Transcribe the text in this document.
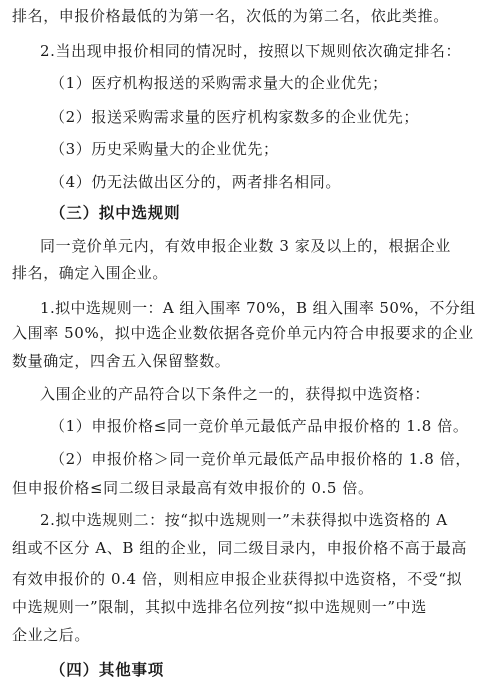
排名，申报价格最低的为第一名，次低的为第二名，依此类推。
2.当出现申报价相同的情况时，按照以下规则依次确定排名：
（1）医疗机构报送的采购需求量大的企业优先；
（2）报送采购需求量的医疗机构家数多的企业优先；
（3）历史采购量大的企业优先；
（4）仍无法做出区分的，两者排名相同。
（三）拟中选规则
同一竞价单元内，有效申报企业数 3 家及以上的，根据企业
排名，确定入围企业。
1.拟中选规则一：A 组入围率 70%，B 组入围率 50%，不分组
入围率 50%，拟中选企业数依据各竞价单元内符合申报要求的企业
数量确定，四舍五入保留整数。
入围企业的产品符合以下条件之一的，获得拟中选资格：
（1）申报价格≤同一竞价单元最低产品申报价格的 1.8 倍。
（2）申报价格＞同一竞价单元最低产品申报价格的 1.8 倍，
但申报价格≤同二级目录最高有效申报价的 0.5 倍。
2.拟中选规则二：按“拟中选规则一”未获得拟中选资格的 A
组或不区分 A、B 组的企业，同二级目录内，申报价格不高于最高
有效申报价的 0.4 倍，则相应申报企业获得拟中选资格，不受“拟
中选规则一”限制，其拟中选排名位列按“拟中选规则一”中选
企业之后。
（四）其他事项
